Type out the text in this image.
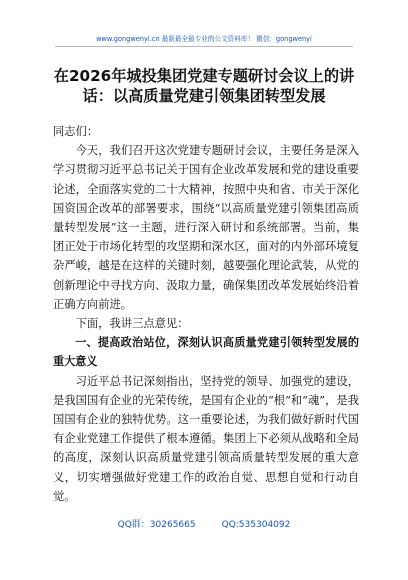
www.gongwenyi.cn 最新最全最专业的公文资料库！ 微信：gongwenyi
在2026年城投集团党建专题研讨会议上的讲话：以高质量党建引领集团转型发展

同志们：

今天，我们召开这次党建专题研讨会议，主要任务是深入学习贯彻习近平总书记关于国有企业改革发展和党的建设重要论述，全面落实党的二十大精神，按照中央和省、市关于深化国资国企改革的部署要求，围绕“以高质量党建引领集团高质量转型发展”这一主题，进行深入研讨和系统部署。当前，集团正处于市场化转型的攻坚期和深水区，面对的内外部环境复杂严峻，越是在这样的关键时刻，越要强化理论武装，从党的创新理论中寻找方向、汲取力量，确保集团改革发展始终沿着正确方向前进。

下面，我讲三点意见：

一、提高政治站位，深刻认识高质量党建引领转型发展的重大意义

习近平总书记深刻指出，坚持党的领导、加强党的建设，是我国国有企业的光荣传统，是国有企业的“根”和“魂”，是我国国有企业的独特优势。这一重要论述，为我们做好新时代国有企业党建工作提供了根本遵循。集团上下必须从战略和全局的高度，深刻认识高质量党建引领高质量转型发展的重大意义，切实增强做好党建工作的政治自觉、思想自觉和行动自觉。

QQ群：30265665	QQ:535304092
